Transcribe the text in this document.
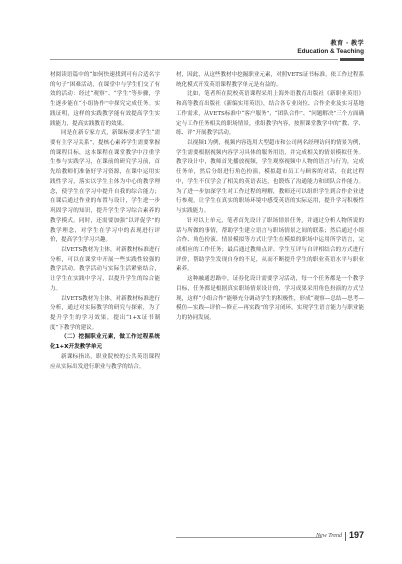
教育 · 教学
Education & Teaching

材阅读语篇中的“如何快速找到可有合适名字的句子”困难活动，在课堂中与学生们交了有效的活动：经过“观察”、“学生”等步骤，学生逐步能在“小组协作”中探究完成任务。实践证明，这样的实践教学能有效提高学生实践能力，提高实践教育的效果。

同是在新专家方式，新课标要求学生“需要有主学习关系”，提核心素养学生需要掌握的课程目标，这本课程在课堂教学中注重学生参与实践学习，在课前的研究学习前，首先给教师们准备好学习资源，在课中运用实践性学习，落实以学生主体为中心的教学理念，使学生在学习中提升自我的综合能力；在课后通过作业的布置与设计，学生进一步巩固学习的知识，提升学生学习综合素养的教学模式。同时，还需要加强“以评促学”的教学理念，对学生在学习中的表现进行评价，提高学生学习兴趣。

以VETS教材为主体，对新教材标准进行分析，可以在课堂中开展一些实践性较强的教学活动。教学活动与实际生活紧密结合，让学生在实践中学习，以提升学生的综合能力。

以VETS教材为主体，对新教材标准进行分析，通过对实际教学的研究与探索，为了提升学生的学习效果，提出“1+X证书制度”下教学的建议。

（二）挖掘职业元素，做工作过程系统化1+X开发教学单元

新课标指出，职业院校的公共英语课程应从实际出发进行职业与教学的结合。

材，因此，从这些教材中挖掘职业元素，对照VETS证书标准，依工作过程系统化模式开发英语课程教学单元是有益的。

比如，笔者所在院校英语课程采用上海外语教育出版社《新职业英语》和高等教育出版社《新编实用英语》，结合各专业岗位、合作企业及实习基地工作需求，从VETS标准中“客户服务”、“团队合作”、“问题解决”三个方面确定与工作任务相关的职场情景，重组教学内容，按照课堂教学中的“教、学、练、评”开展教学活动。

以视频1为例，视频内容选用大型超市和公司两名经理访问的情景为例，学生需要根据视频内容学习具体的服务用语，并完成相关的情景模拟任务。教学设计中，教师首先播放视频，学生观察视频中人物的语言与行为，完成任务单，然后分组进行角色扮演，模拟超市员工与顾客的对话，在此过程中，学生不仅学会了相关的英语表达，也锻炼了沟通能力和团队合作能力。为了进一步加深学生对工作过程的理解，教师还可以组织学生到合作企业进行参观，让学生在真实的职场环境中感受英语的实际运用，提升学习积极性与实践能力。

针对以上单元，笔者首先设计了职场情景任务，并通过分析人物所说的话与所做的事情，帮助学生建立语言与职场情景之间的联系；然后通过小组合作、角色扮演、情景模拟等方式让学生在模拟的职场中运用所学语言，完成相应的工作任务；最后通过教师点评、学生互评与自评相结合的方式进行评价，帮助学生发现自身的不足，从而不断提升学生的职业英语水平与职业素养。

这种融通思路中，证券化设计需要学习活动，每一个任务都是一个教学目标，任务都是根据真实职场情景设计的，学习成果采用角色扮演的方式呈现，这样“小组合作”能够充分调动学生的积极性，形成“观察—总结—思考—模仿—实践—评价—修正—再实践”的学习闭环，实现学生语言能力与职业能力的协同发展。

New Trend 197
